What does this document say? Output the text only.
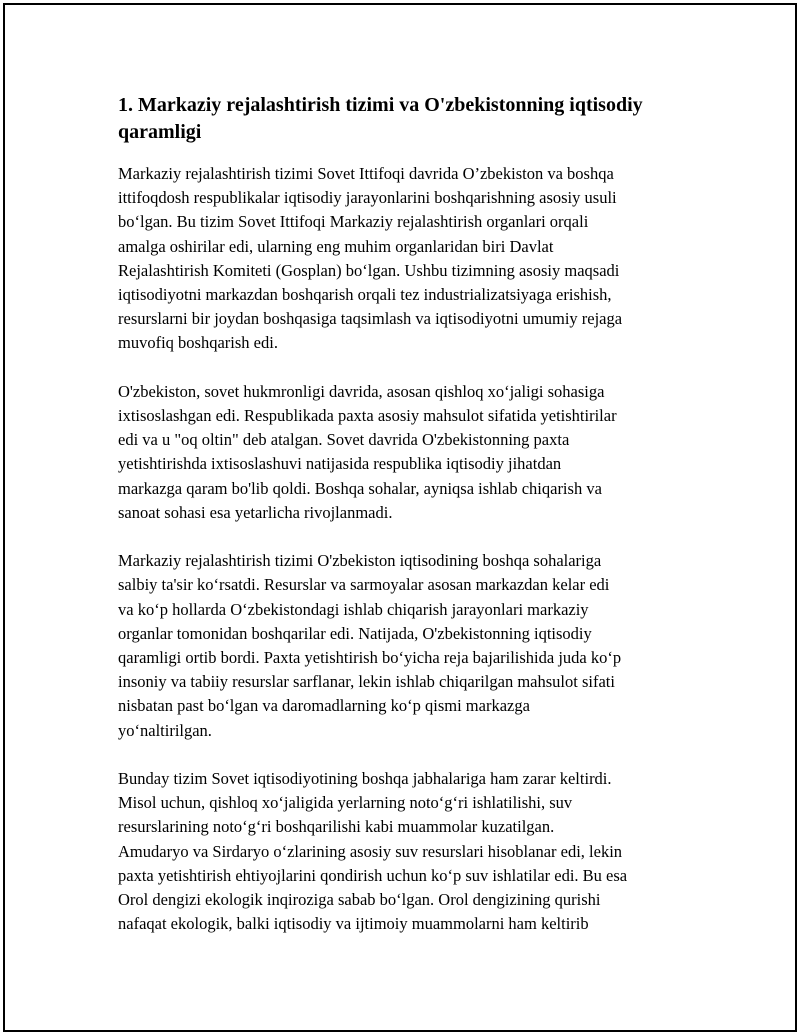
1. Markaziy rejalashtirish tizimi va O'zbekistonning iqtisodiy
qaramligi

Markaziy rejalashtirish tizimi Sovet Ittifoqi davrida O’zbekiston va boshqa
ittifoqdosh respublikalar iqtisodiy jarayonlarini boshqarishning asosiy usuli
bo‘lgan. Bu tizim Sovet Ittifoqi Markaziy rejalashtirish organlari orqali
amalga oshirilar edi, ularning eng muhim organlaridan biri Davlat
Rejalashtirish Komiteti (Gosplan) bo‘lgan. Ushbu tizimning asosiy maqsadi
iqtisodiyotni markazdan boshqarish orqali tez industrializatsiyaga erishish,
resurslarni bir joydan boshqasiga taqsimlash va iqtisodiyotni umumiy rejaga
muvofiq boshqarish edi.

O'zbekiston, sovet hukmronligi davrida, asosan qishloq xo‘jaligi sohasiga
ixtisoslashgan edi. Respublikada paxta asosiy mahsulot sifatida yetishtirilar
edi va u "oq oltin" deb atalgan. Sovet davrida O'zbekistonning paxta
yetishtirishda ixtisoslashuvi natijasida respublika iqtisodiy jihatdan
markazga qaram bo'lib qoldi. Boshqa sohalar, ayniqsa ishlab chiqarish va
sanoat sohasi esa yetarlicha rivojlanmadi.

Markaziy rejalashtirish tizimi O'zbekiston iqtisodining boshqa sohalariga
salbiy ta'sir ko‘rsatdi. Resurslar va sarmoyalar asosan markazdan kelar edi
va ko‘p hollarda O‘zbekistondagi ishlab chiqarish jarayonlari markaziy
organlar tomonidan boshqarilar edi. Natijada, O'zbekistonning iqtisodiy
qaramligi ortib bordi. Paxta yetishtirish bo‘yicha reja bajarilishida juda ko‘p
insoniy va tabiiy resurslar sarflanar, lekin ishlab chiqarilgan mahsulot sifati
nisbatan past bo‘lgan va daromadlarning ko‘p qismi markazga
yo‘naltirilgan.

Bunday tizim Sovet iqtisodiyotining boshqa jabhalariga ham zarar keltirdi.
Misol uchun, qishloq xo‘jaligida yerlarning noto‘g‘ri ishlatilishi, suv
resurslarining noto‘g‘ri boshqarilishi kabi muammolar kuzatilgan.
Amudaryo va Sirdaryo o‘zlarining asosiy suv resurslari hisoblanar edi, lekin
paxta yetishtirish ehtiyojlarini qondirish uchun ko‘p suv ishlatilar edi. Bu esa
Orol dengizi ekologik inqiroziga sabab bo‘lgan. Orol dengizining qurishi
nafaqat ekologik, balki iqtisodiy va ijtimoiy muammolarni ham keltirib
